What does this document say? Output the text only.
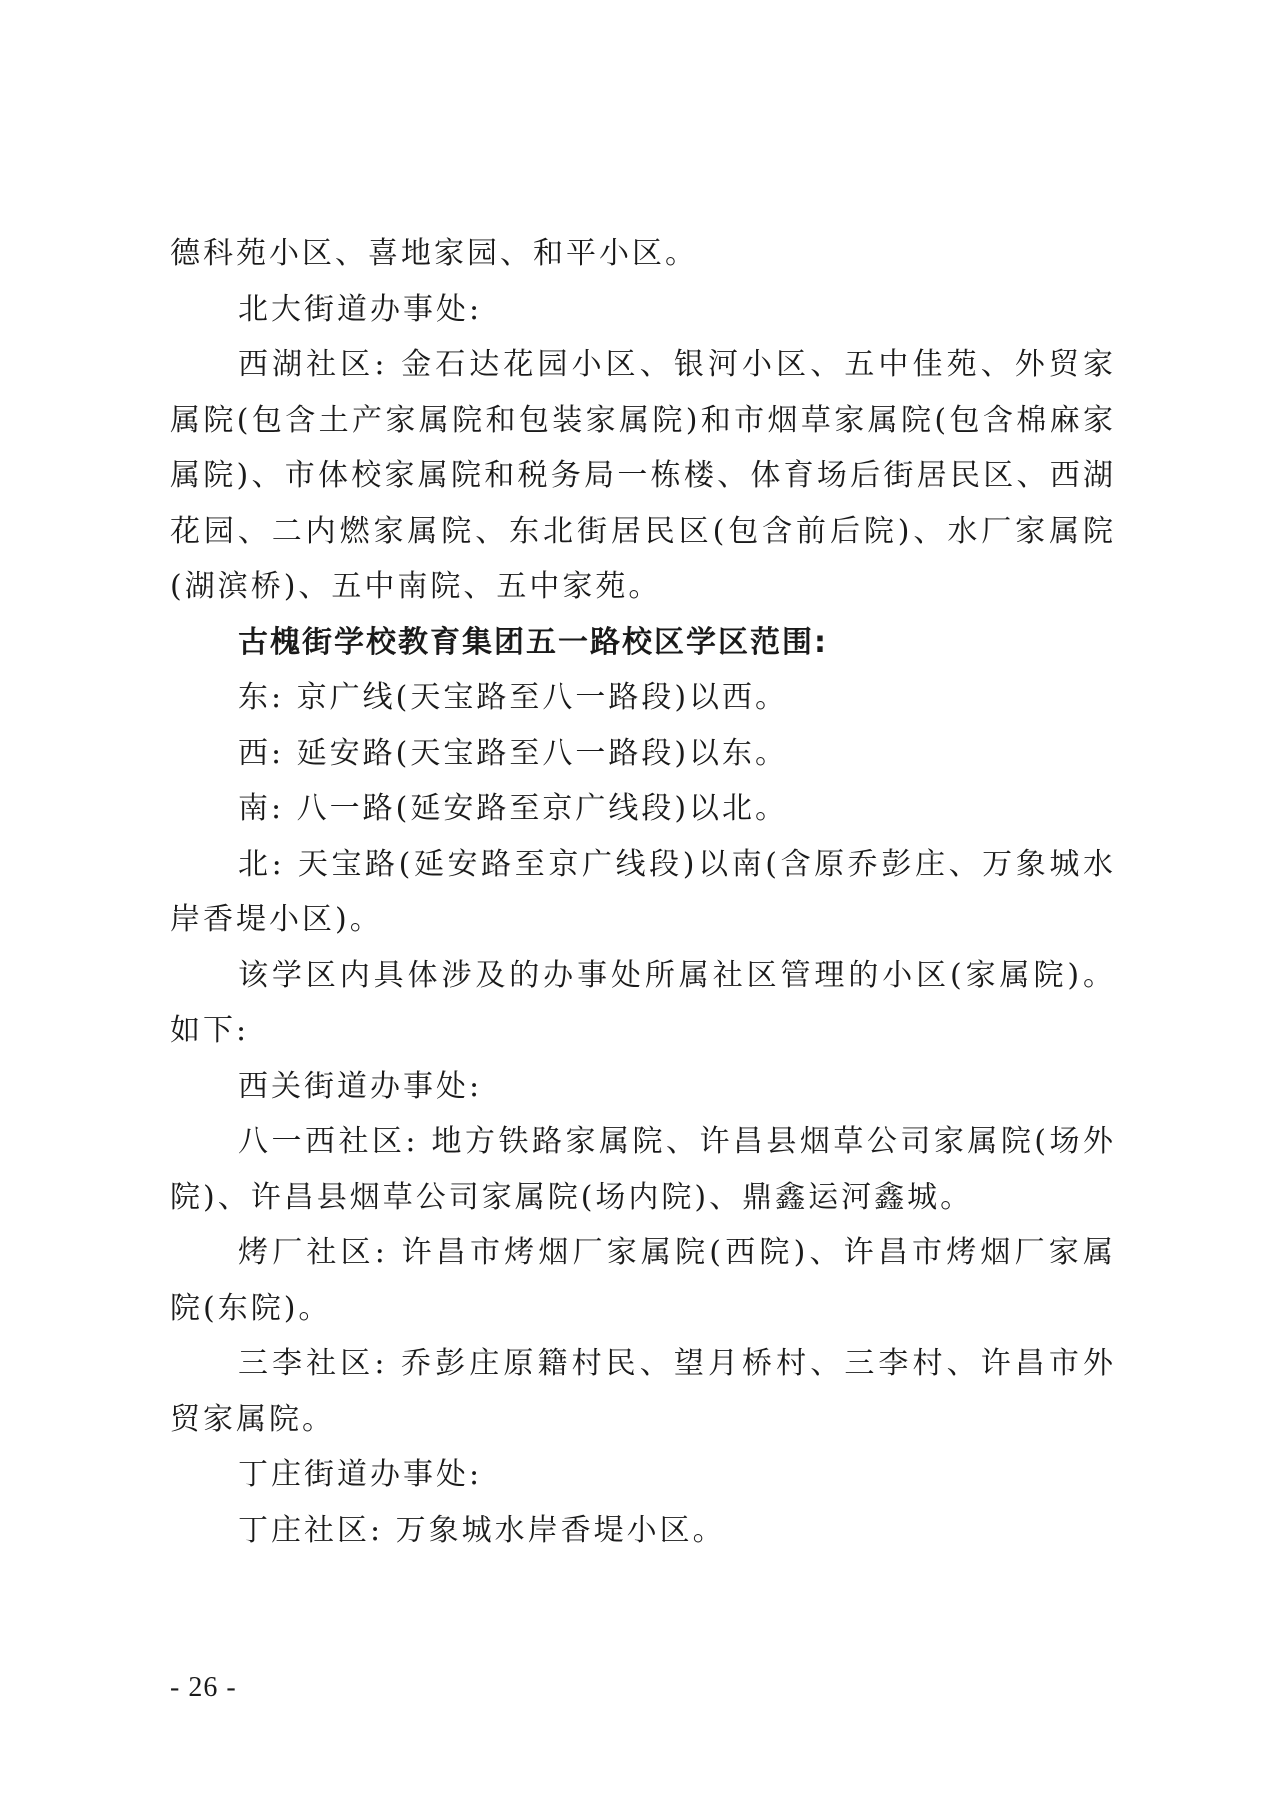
德科苑小区、喜地家园、和平小区。

北大街道办事处:

西湖社区: 金石达花园小区、银河小区、五中佳苑、外贸家属院(包含土产家属院和包装家属院)和市烟草家属院(包含棉麻家属院)、市体校家属院和税务局一栋楼、体育场后街居民区、西湖花园、二内燃家属院、东北街居民区(包含前后院)、水厂家属院(湖滨桥)、五中南院、五中家苑。

古槐街学校教育集团五一路校区学区范围:

东: 京广线(天宝路至八一路段)以西。

西: 延安路(天宝路至八一路段)以东。

南: 八一路(延安路至京广线段)以北。

北: 天宝路(延安路至京广线段)以南(含原乔彭庄、万象城水岸香堤小区)。

该学区内具体涉及的办事处所属社区管理的小区(家属院)。如下:

西关街道办事处:

八一西社区: 地方铁路家属院、许昌县烟草公司家属院(场外院)、许昌县烟草公司家属院(场内院)、鼎鑫运河鑫城。

烤厂社区: 许昌市烤烟厂家属院(西院)、许昌市烤烟厂家属院(东院)。

三李社区: 乔彭庄原籍村民、望月桥村、三李村、许昌市外贸家属院。

丁庄街道办事处:

丁庄社区: 万象城水岸香堤小区。

- 26 -
